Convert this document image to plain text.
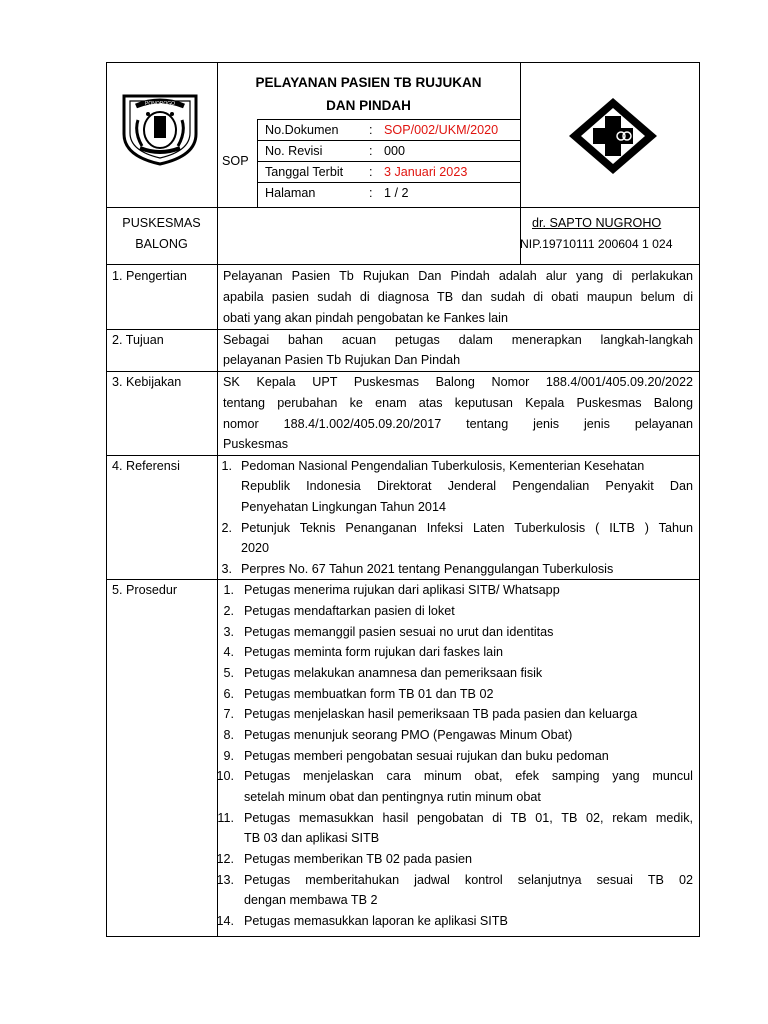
PONOROGO
PELAYANAN PASIEN TB RUJUKAN
DAN PINDAH
SOP
No.Dokumen : SOP/002/UKM/2020
No. Revisi	: 000
Tanggal Terbit : 3 Januari 2023
Halaman	: 1 / 2
PUSKESMAS
BALONG
dr. SAPTO NUGROHO
NIP.19710111 200604 1 024
1. Pengertian	Pelayanan Pasien Tb Rujukan Dan Pindah adalah alur yang di perlakukan
apabila pasien sudah di diagnosa TB dan sudah di obati maupun belum di
obati yang akan pindah pengobatan ke Fankes lain
2. Tujuan	Sebagai bahan acuan petugas dalam menerapkan langkah-langkah
pelayanan Pasien Tb Rujukan Dan Pindah
3. Kebijakan	SK Kepala UPT Puskesmas Balong Nomor 188.4/001/405.09.20/2022
tentang perubahan ke enam atas keputusan Kepala Puskesmas Balong
nomor 188.4/1.002/405.09.20/2017 tentang jenis jenis pelayanan
Puskesmas
4. Referensi	1. Pedoman Nasional Pengendalian Tuberkulosis, Kementerian Kesehatan
Republik Indonesia Direktorat Jenderal Pengendalian Penyakit Dan
Penyehatan Lingkungan Tahun 2014
2. Petunjuk Teknis Penanganan Infeksi Laten Tuberkulosis ( ILTB ) Tahun
2020
3. Perpres No. 67 Tahun 2021 tentang Penanggulangan Tuberkulosis
5. Prosedur	1. Petugas menerima rujukan dari aplikasi SITB/ Whatsapp
2. Petugas mendaftarkan pasien di loket
3. Petugas memanggil pasien sesuai no urut dan identitas
4. Petugas meminta form rujukan dari faskes lain
5. Petugas melakukan anamnesa dan pemeriksaan fisik
6. Petugas membuatkan form TB 01 dan TB 02
7. Petugas menjelaskan hasil pemeriksaan TB pada pasien dan keluarga
8. Petugas menunjuk seorang PMO (Pengawas Minum Obat)
9. Petugas memberi pengobatan sesuai rujukan dan buku pedoman
10. Petugas menjelaskan cara minum obat, efek samping yang muncul
setelah minum obat dan pentingnya rutin minum obat
11. Petugas memasukkan hasil pengobatan di TB 01, TB 02, rekam medik,
TB 03 dan aplikasi SITB
12. Petugas memberikan TB 02 pada pasien
13. Petugas memberitahukan jadwal kontrol selanjutnya sesuai TB 02
dengan membawa TB 2
14. Petugas memasukkan laporan ke aplikasi SITB
